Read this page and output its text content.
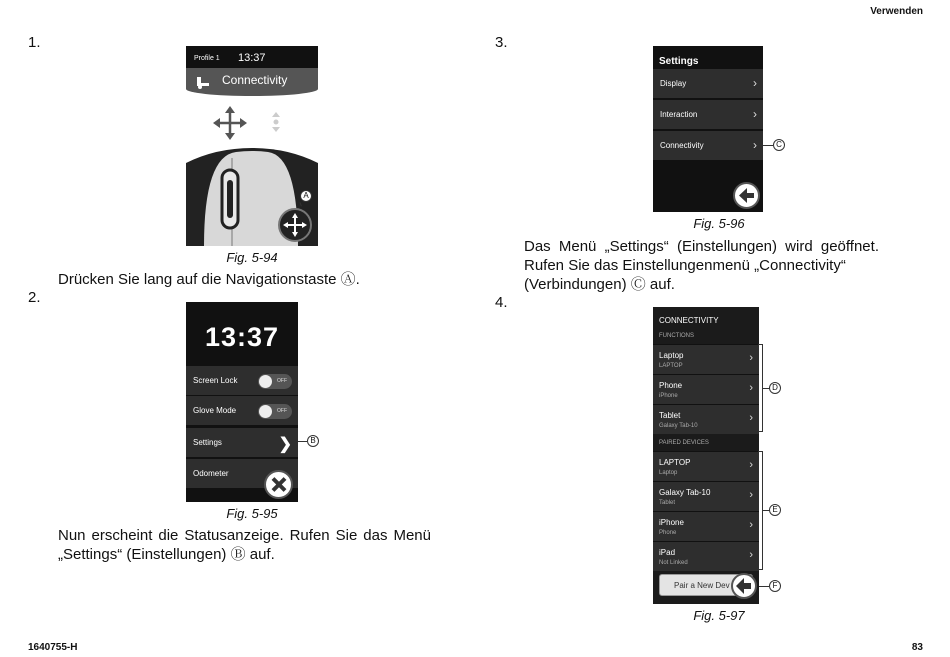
Verwenden
1640755-H	83
1.
Profile 1 13:37
Connectivity
A
Fig. 5-94
Drücken Sie lang auf die Navigationstaste Ⓐ.
2.
13:37
Screen Lock	OFF
Glove Mode	OFF
Settings	❯
Odometer
B
Fig. 5-95
Nun erscheint die Statusanzeige. Rufen Sie das Menü
„Settings“ (Einstellungen) Ⓑ auf.
3.
Settings
Display	›
Interaction	›
Connectivity	›	C
Fig. 5-96
Das Menü „Settings“ (Einstellungen) wird geöffnet.
Rufen Sie das Einstellungenmenü „Connectivity“
(Verbindungen) Ⓒ auf.
4.
CONNECTIVITY
FUNCTIONS
Laptop
LAPTOP
›
Phone
iPhone
›
Tablet
Galaxy Tab-10
›
PAIRED DEVICES
LAPTOP
Laptop
›
Galaxy Tab-10
Tablet
›
iPhone
Phone
›
iPad
Not Linked
›
Pair a New Dev
D
E
F
Fig. 5-97
